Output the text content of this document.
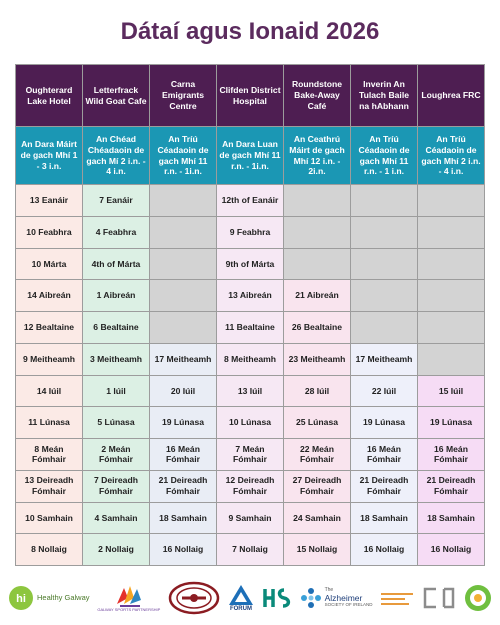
Dátaí agus Ionaid 2026
Oughterard Lake Hotel	Letterfrack Wild Goat Cafe	Carna Emigrants Centre	Clifden District Hospital	Roundstone Bake-Away Café	Inverin An Tulach Baile na hAbhann	Loughrea FRC
An Dara Máirt de gach Mhí 1 - 3 i.n.	An Chéad Chéadaoin de gach Mí 2 i.n. - 4 i.n.	An Tríú Céadaoin de gach Mhí 11 r.n. - 1i.n.	An Dara Luan de gach Mhí 11 r.n. - 1i.n.	An Ceathrú Máirt de gach Mhí 12 i.n. - 2i.n.	An Tríú Céadaoin de gach Mhí 11 r.n. - 1 i.n.	An Tríú Céadaoin de gach Mhí 2 i.n. - 4 i.n.
13 Eanáir	7 Eanáir		12th of Eanáir			
10 Feabhra	4 Feabhra		9 Feabhra			
10 Márta	4th of Márta		9th of Márta			
14 Aibreán	1 Aibreán		13 Aibreán	21 Aibreán		
12 Bealtaine	6 Bealtaine		11 Bealtaine	26 Bealtaine		
9 Meitheamh	3 Meitheamh	17 Meitheamh	8 Meitheamh	23 Meitheamh	17 Meitheamh	
14 Iúil	1 Iúil	20 Iúil	13 Iúil	28 Iúil	22 Iúil	15 Iúil
11 Lúnasa	5 Lúnasa	19 Lúnasa	10 Lúnasa	25 Lúnasa	19 Lúnasa	19 Lúnasa
8 Meán Fómhair	2 Meán Fómhair	16 Meán Fómhair	7 Meán Fómhair	22 Meán Fómhair	16 Meán Fómhair	16 Meán Fómhair
13 Deireadh Fómhair	7 Deireadh Fómhair	21 Deireadh Fómhair	12 Deireadh Fómhair	27 Deireadh Fómhair	21 Deireadh Fómhair	21 Deireadh Fómhair
10 Samhain	4 Samhain	18 Samhain	9 Samhain	24 Samhain	18 Samhain	18 Samhain
8 Nollaig	2 Nollaig	16 Nollaig	7 Nollaig	15 Nollaig	16 Nollaig	16 Nollaig
hi Healthy Galway
GALWAY SPORTS PARTNERSHIP	FORUM
The
Alzheimer
SOCIETY OF IRELAND
